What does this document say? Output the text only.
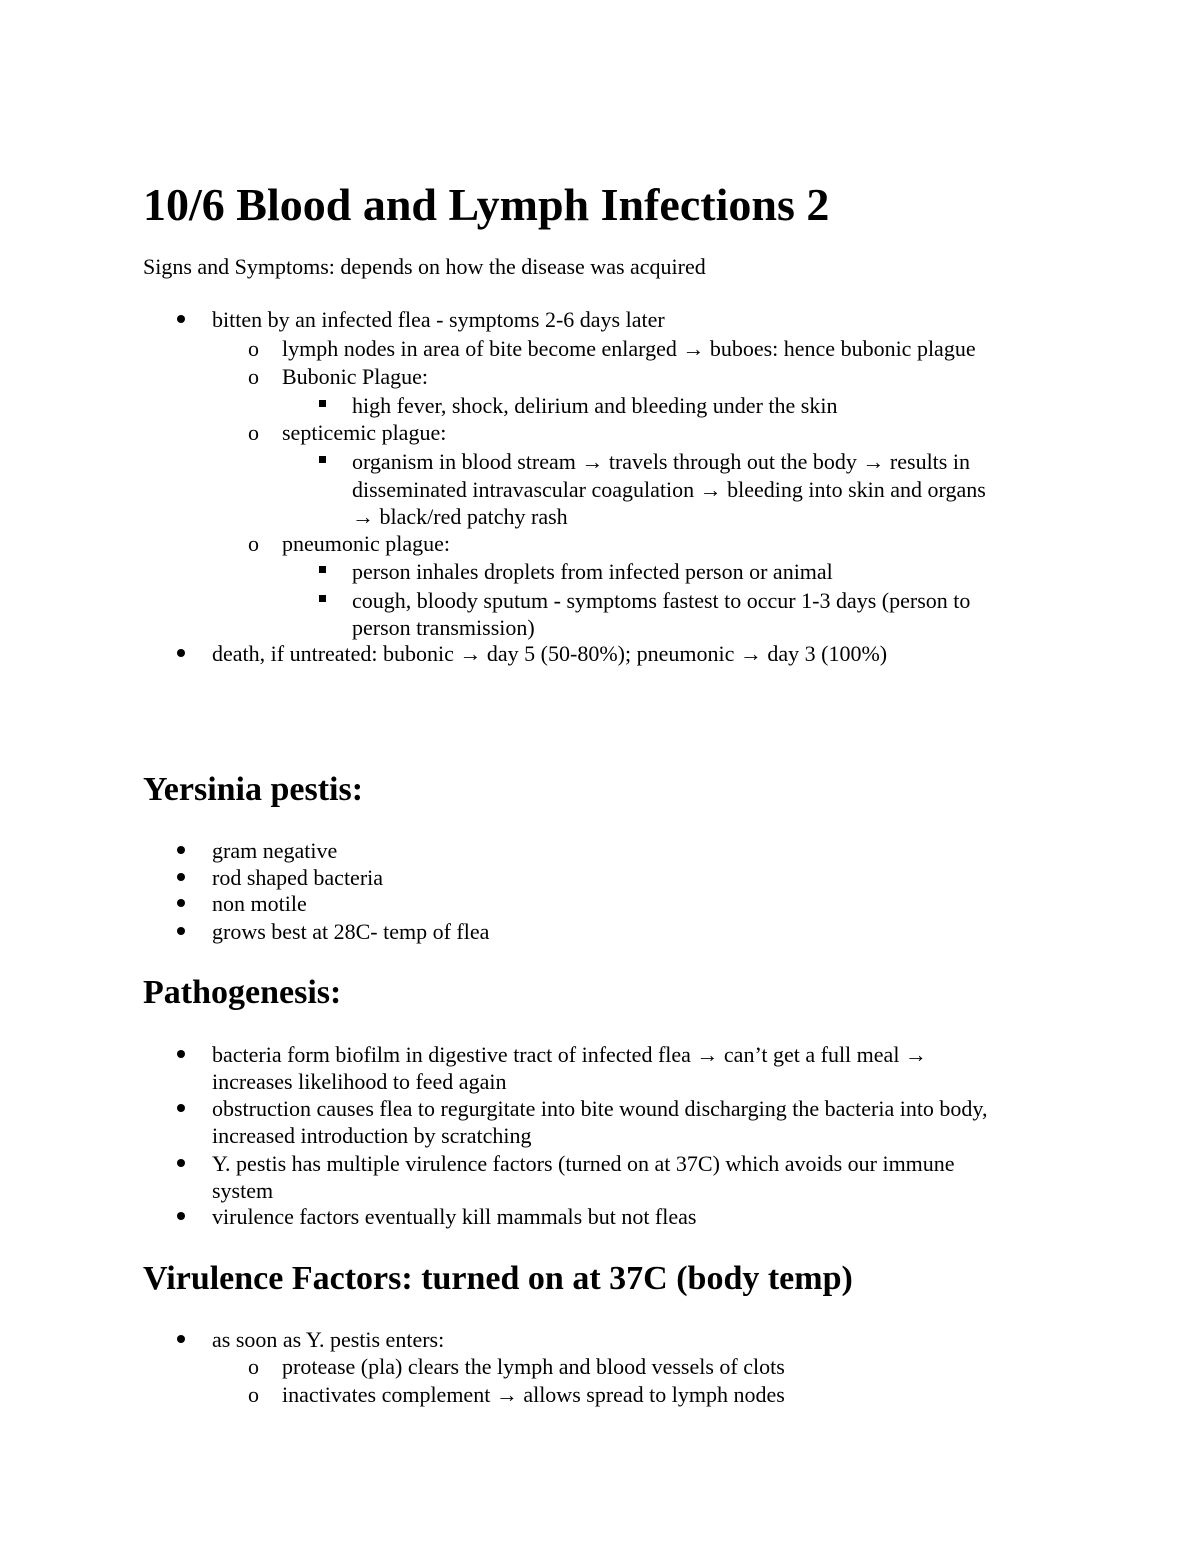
10/6 Blood and Lymph Infections 2
Signs and Symptoms: depends on how the disease was acquired
bitten by an infected flea - symptoms 2-6 days later
o lymph nodes in area of bite become enlarged → buboes: hence bubonic plague
o Bubonic Plague:
high fever, shock, delirium and bleeding under the skin
o septicemic plague:
organism in blood stream → travels through out the body → results in
disseminated intravascular coagulation → bleeding into skin and organs
→ black/red patchy rash
o pneumonic plague:
person inhales droplets from infected person or animal
cough, bloody sputum - symptoms fastest to occur 1-3 days (person to
person transmission)
death, if untreated: bubonic → day 5 (50-80%); pneumonic → day 3 (100%)
Yersinia pestis:
gram negative
rod shaped bacteria
non motile
grows best at 28C- temp of flea
Pathogenesis:
bacteria form biofilm in digestive tract of infected flea → can’t get a full meal →
increases likelihood to feed again
obstruction causes flea to regurgitate into bite wound discharging the bacteria into body,
increased introduction by scratching
Y. pestis has multiple virulence factors (turned on at 37C) which avoids our immune
system
virulence factors eventually kill mammals but not fleas
Virulence Factors: turned on at 37C (body temp)
as soon as Y. pestis enters:
o protease (pla) clears the lymph and blood vessels of clots
o inactivates complement → allows spread to lymph nodes
